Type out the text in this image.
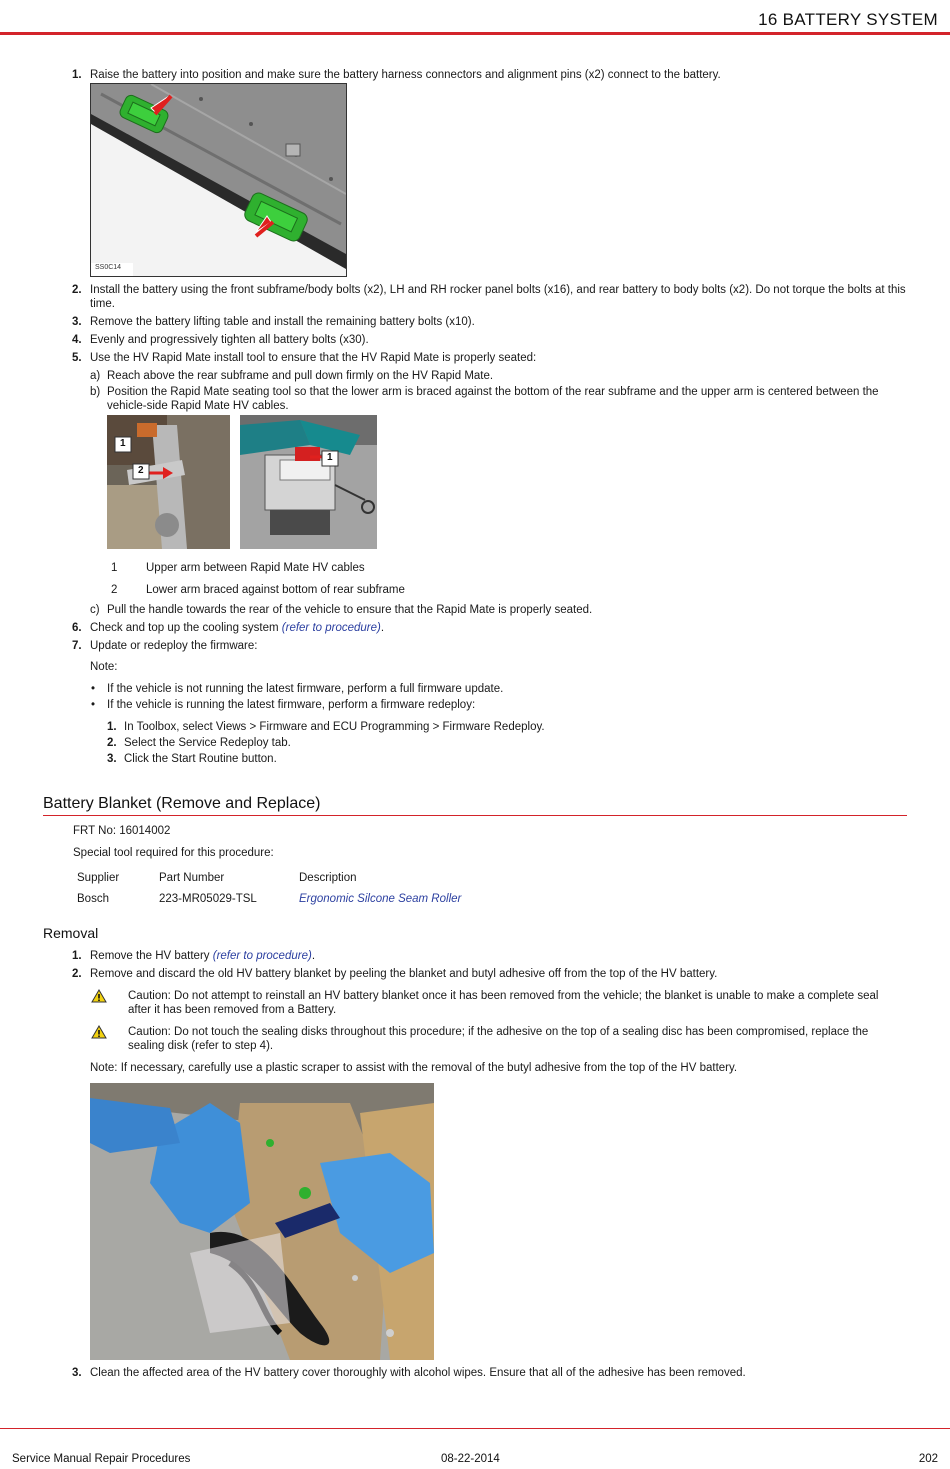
16 BATTERY SYSTEM
1. Raise the battery into position and make sure the battery harness connectors and alignment pins (x2) connect to the battery.
SS0C14
2. Install the battery using the front subframe/body bolts (x2), LH and RH rocker panel bolts (x16), and rear battery to body bolts (x2). Do not torque the bolts at this time.
3. Remove the battery lifting table and install the remaining battery bolts (x10).
4. Evenly and progressively tighten all battery bolts (x30).
5. Use the HV Rapid Mate install tool to ensure that the HV Rapid Mate is properly seated:
a) Reach above the rear subframe and pull down firmly on the HV Rapid Mate.
b) Position the Rapid Mate seating tool so that the lower arm is braced against the bottom of the rear subframe and the upper arm is centered between the vehicle-side Rapid Mate HV cables.
1
2
1
1 Upper arm between Rapid Mate HV cables
2 Lower arm braced against bottom of rear subframe
c) Pull the handle towards the rear of the vehicle to ensure that the Rapid Mate is properly seated.
6. Check and top up the cooling system (refer to procedure).
7. Update or redeploy the firmware:
Note:
• If the vehicle is not running the latest firmware, perform a full firmware update.
• If the vehicle is running the latest firmware, perform a firmware redeploy:
1. In Toolbox, select Views > Firmware and ECU Programming > Firmware Redeploy.
2. Select the Service Redeploy tab.
3. Click the Start Routine button.
Battery Blanket (Remove and Replace)
FRT No: 16014002
Special tool required for this procedure:
Supplier	Part Number	Description
Bosch	223-MR05029-TSL	Ergonomic Silcone Seam Roller
Removal
1. Remove the HV battery (refer to procedure).
2. Remove and discard the old HV battery blanket by peeling the blanket and butyl adhesive off from the top of the HV battery.
Caution: Do not attempt to reinstall an HV battery blanket once it has been removed from the vehicle; the blanket is unable to make a complete seal after it has been removed from a Battery.
Caution: Do not touch the sealing disks throughout this procedure; if the adhesive on the top of a sealing disc has been compromised, replace the sealing disk (refer to step 4).
Note: If necessary, carefully use a plastic scraper to assist with the removal of the butyl adhesive from the top of the HV battery.
3. Clean the affected area of the HV battery cover thoroughly with alcohol wipes. Ensure that all of the adhesive has been removed.
Service Manual Repair Procedures	08-22-2014	202
